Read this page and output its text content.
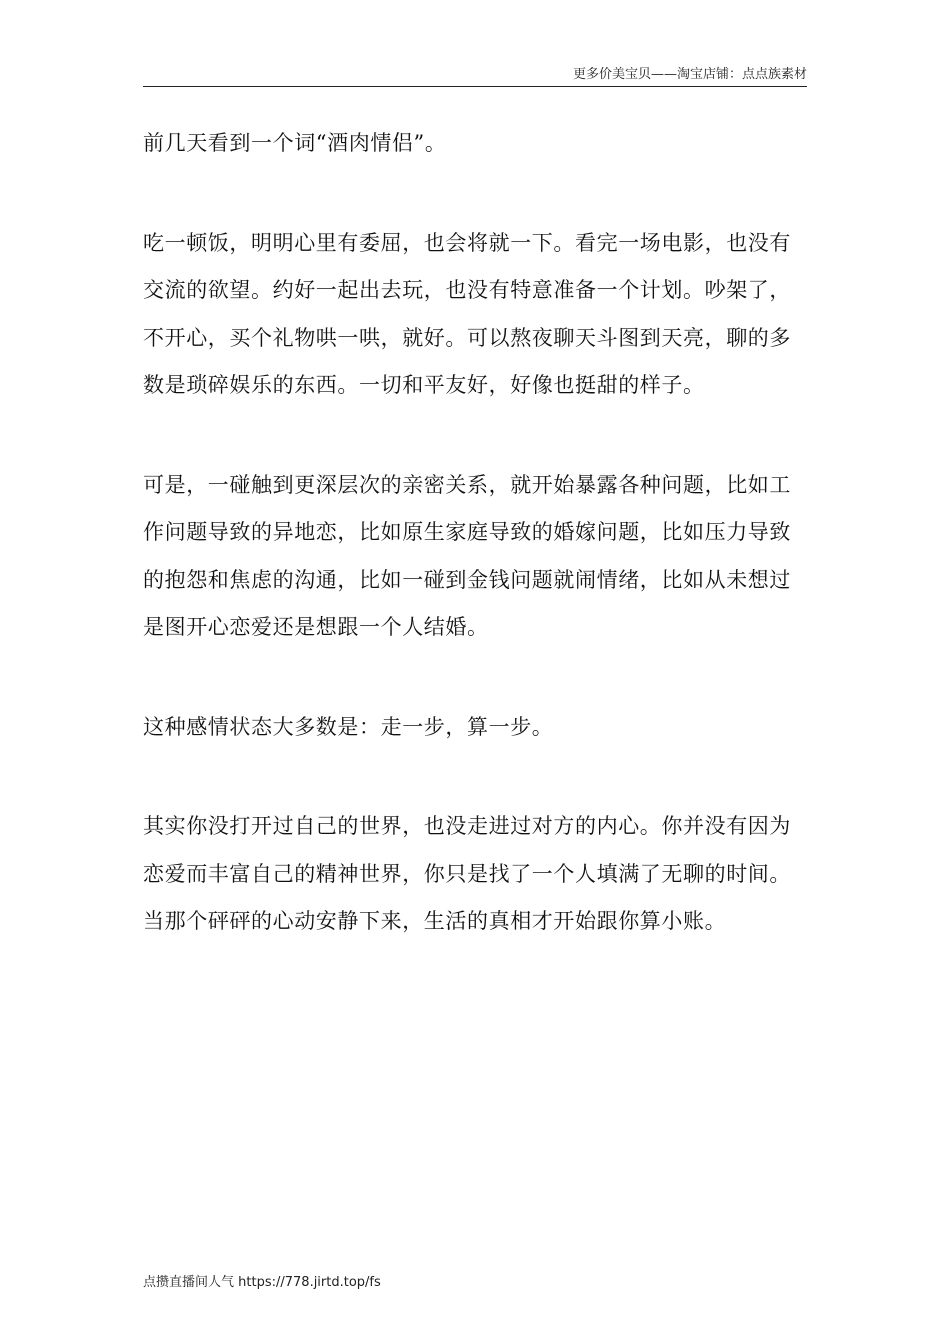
更多价美宝贝——淘宝店铺：点点族素材

前几天看到一个词“酒肉情侣”。

吃一顿饭，明明心里有委屈，也会将就一下。看完一场电影，也没有交流的欲望。约好一起出去玩，也没有特意准备一个计划。吵架了，不开心，买个礼物哄一哄，就好。可以熬夜聊天斗图到天亮，聊的多数是琐碎娱乐的东西。一切和平友好，好像也挺甜的样子。

可是，一碰触到更深层次的亲密关系，就开始暴露各种问题，比如工作问题导致的异地恋，比如原生家庭导致的婚嫁问题，比如压力导致的抱怨和焦虑的沟通，比如一碰到金钱问题就闹情绪，比如从未想过是图开心恋爱还是想跟一个人结婚。

这种感情状态大多数是：走一步，算一步。

其实你没打开过自己的世界，也没走进过对方的内心。你并没有因为恋爱而丰富自己的精神世界，你只是找了一个人填满了无聊的时间。当那个砰砰的心动安静下来，生活的真相才开始跟你算小账。

点攒直播间人气 https://778.jirtd.top/fs
